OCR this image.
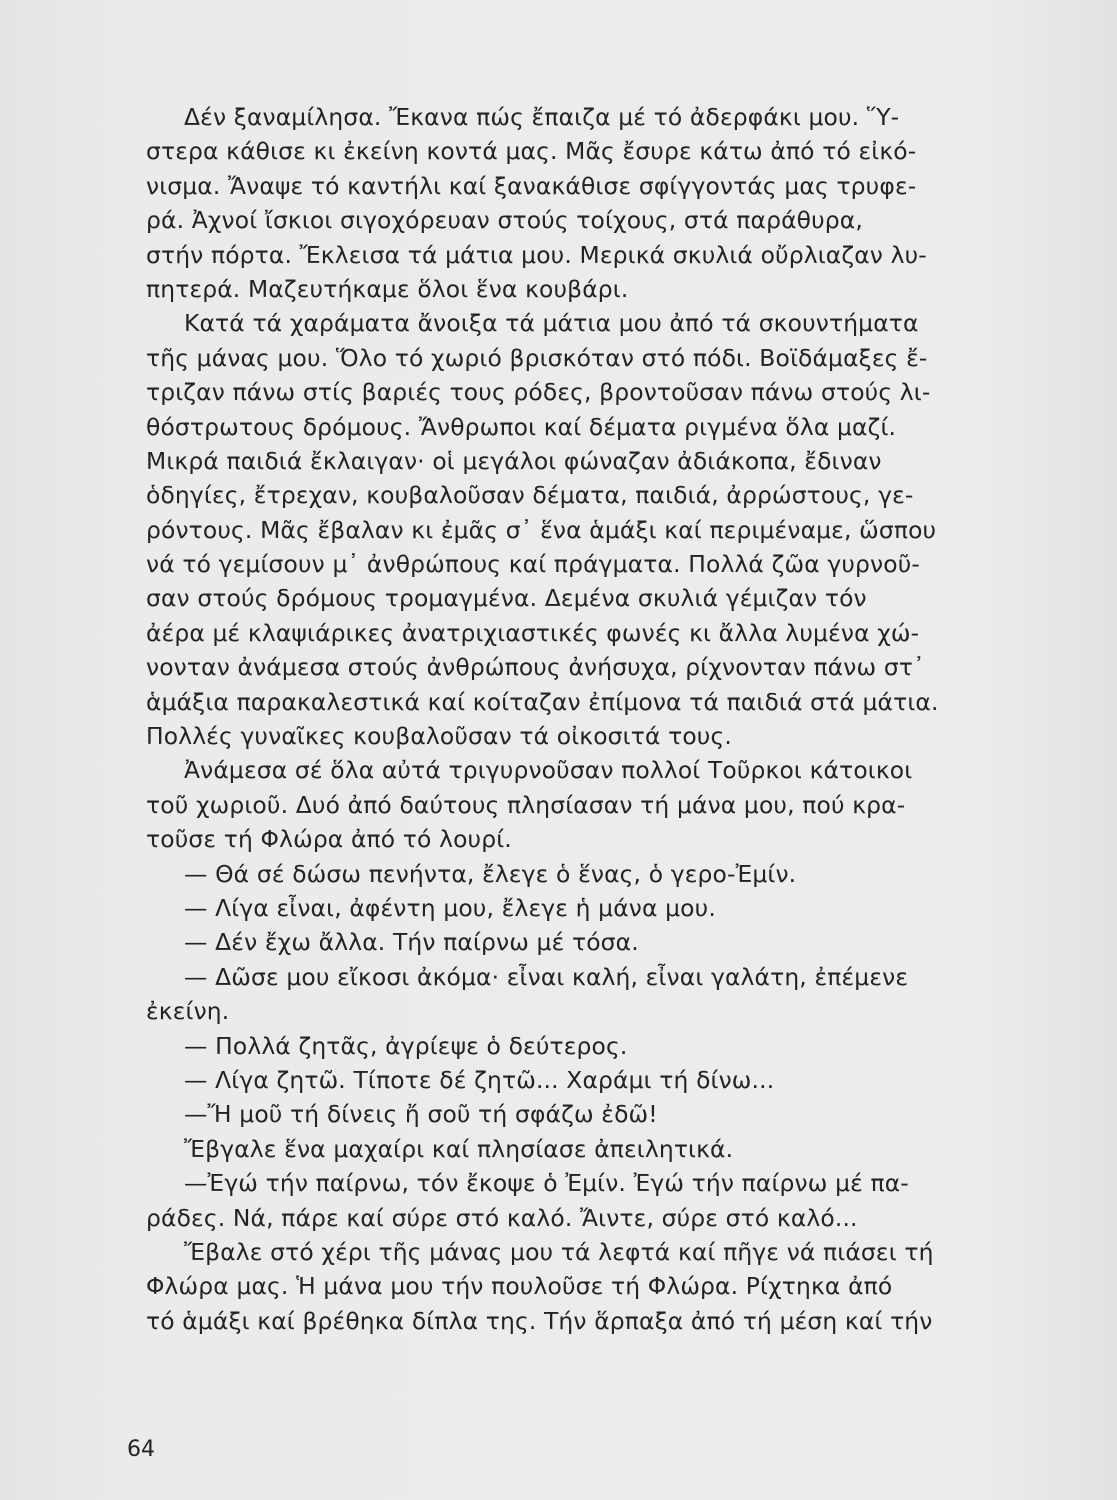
Δέν ξαναμίλησα. Ἔκανα πώς ἔπαιζα μέ τό ἀδερφάκι μου. Ὕ-
στερα κάθισε κι ἐκείνη κοντά μας. Μᾶς ἔσυρε κάτω ἀπό τό εἰκό-
νισμα. Ἄναψε τό καντήλι καί ξανακάθισε σφίγγοντάς μας τρυφε-
ρά. Ἀχνοί ἴσκιοι σιγοχόρευαν στούς τοίχους, στά παράθυρα,
στήν πόρτα. Ἔκλεισα τά μάτια μου. Μερικά σκυλιά οὔρλιαζαν λυ-
πητερά. Μαζευτήκαμε ὅλοι ἕνα κουβάρι.
Κατά τά χαράματα ἄνοιξα τά μάτια μου ἀπό τά σκουντήματα
τῆς μάνας μου. Ὅλο τό χωριό βρισκόταν στό πόδι. Βοϊδάμαξες ἔ-
τριζαν πάνω στίς βαριές τους ρόδες, βροντοῦσαν πάνω στούς λι-
θόστρωτους δρόμους. Ἄνθρωποι καί δέματα ριγμένα ὅλα μαζί.
Μικρά παιδιά ἔκλαιγαν· οἱ μεγάλοι φώναζαν ἀδιάκοπα, ἔδιναν
ὁδηγίες, ἔτρεχαν, κουβαλοῦσαν δέματα, παιδιά, ἀρρώστους, γε-
ρόντους. Μᾶς ἔβαλαν κι ἐμᾶς σ᾽ ἕνα ἁμάξι καί περιμέναμε, ὥσπου
νά τό γεμίσουν μ᾽ ἀνθρώπους καί πράγματα. Πολλά ζῶα γυρνοῦ-
σαν στούς δρόμους τρομαγμένα. Δεμένα σκυλιά γέμιζαν τόν
ἀέρα μέ κλαψιάρικες ἀνατριχιαστικές φωνές κι ἄλλα λυμένα χώ-
νονταν ἀνάμεσα στούς ἀνθρώπους ἀνήσυχα, ρίχνονταν πάνω στ᾽
ἁμάξια παρακαλεστικά καί κοίταζαν ἐπίμονα τά παιδιά στά μάτια.
Πολλές γυναῖκες κουβαλοῦσαν τά οἰκοσιτά τους.
Ἀνάμεσα σέ ὅλα αὐτά τριγυρνοῦσαν πολλοί Τοῦρκοι κάτοικοι
τοῦ χωριοῦ. Δυό ἀπό δαύτους πλησίασαν τή μάνα μου, πού κρα-
τοῦσε τή Φλώρα ἀπό τό λουρί.
— Θά σέ δώσω πενήντα, ἔλεγε ὁ ἕνας, ὁ γερο-Ἐμίν.
— Λίγα εἶναι, ἀφέντη μου, ἔλεγε ἡ μάνα μου.
— Δέν ἔχω ἄλλα. Τήν παίρνω μέ τόσα.
— Δῶσε μου εἴκοσι ἀκόμα· εἶναι καλή, εἶναι γαλάτη, ἐπέμενε
ἐκείνη.
— Πολλά ζητᾶς, ἀγρίεψε ὁ δεύτερος.
— Λίγα ζητῶ. Τίποτε δέ ζητῶ... Χαράμι τή δίνω...
—Ἤ μοῦ τή δίνεις ἤ σοῦ τή σφάζω ἐδῶ!
Ἔβγαλε ἕνα μαχαίρι καί πλησίασε ἀπειλητικά.
—Ἐγώ τήν παίρνω, τόν ἔκοψε ὁ Ἐμίν. Ἐγώ τήν παίρνω μέ πα-
ράδες. Νά, πάρε καί σύρε στό καλό. Ἄιντε, σύρε στό καλό...
Ἔβαλε στό χέρι τῆς μάνας μου τά λεφτά καί πῆγε νά πιάσει τή
Φλώρα μας. Ἡ μάνα μου τήν πουλοῦσε τή Φλώρα. Ρίχτηκα ἀπό
τό ἁμάξι καί βρέθηκα δίπλα της. Τήν ἅρπαξα ἀπό τή μέση καί τήν
64
